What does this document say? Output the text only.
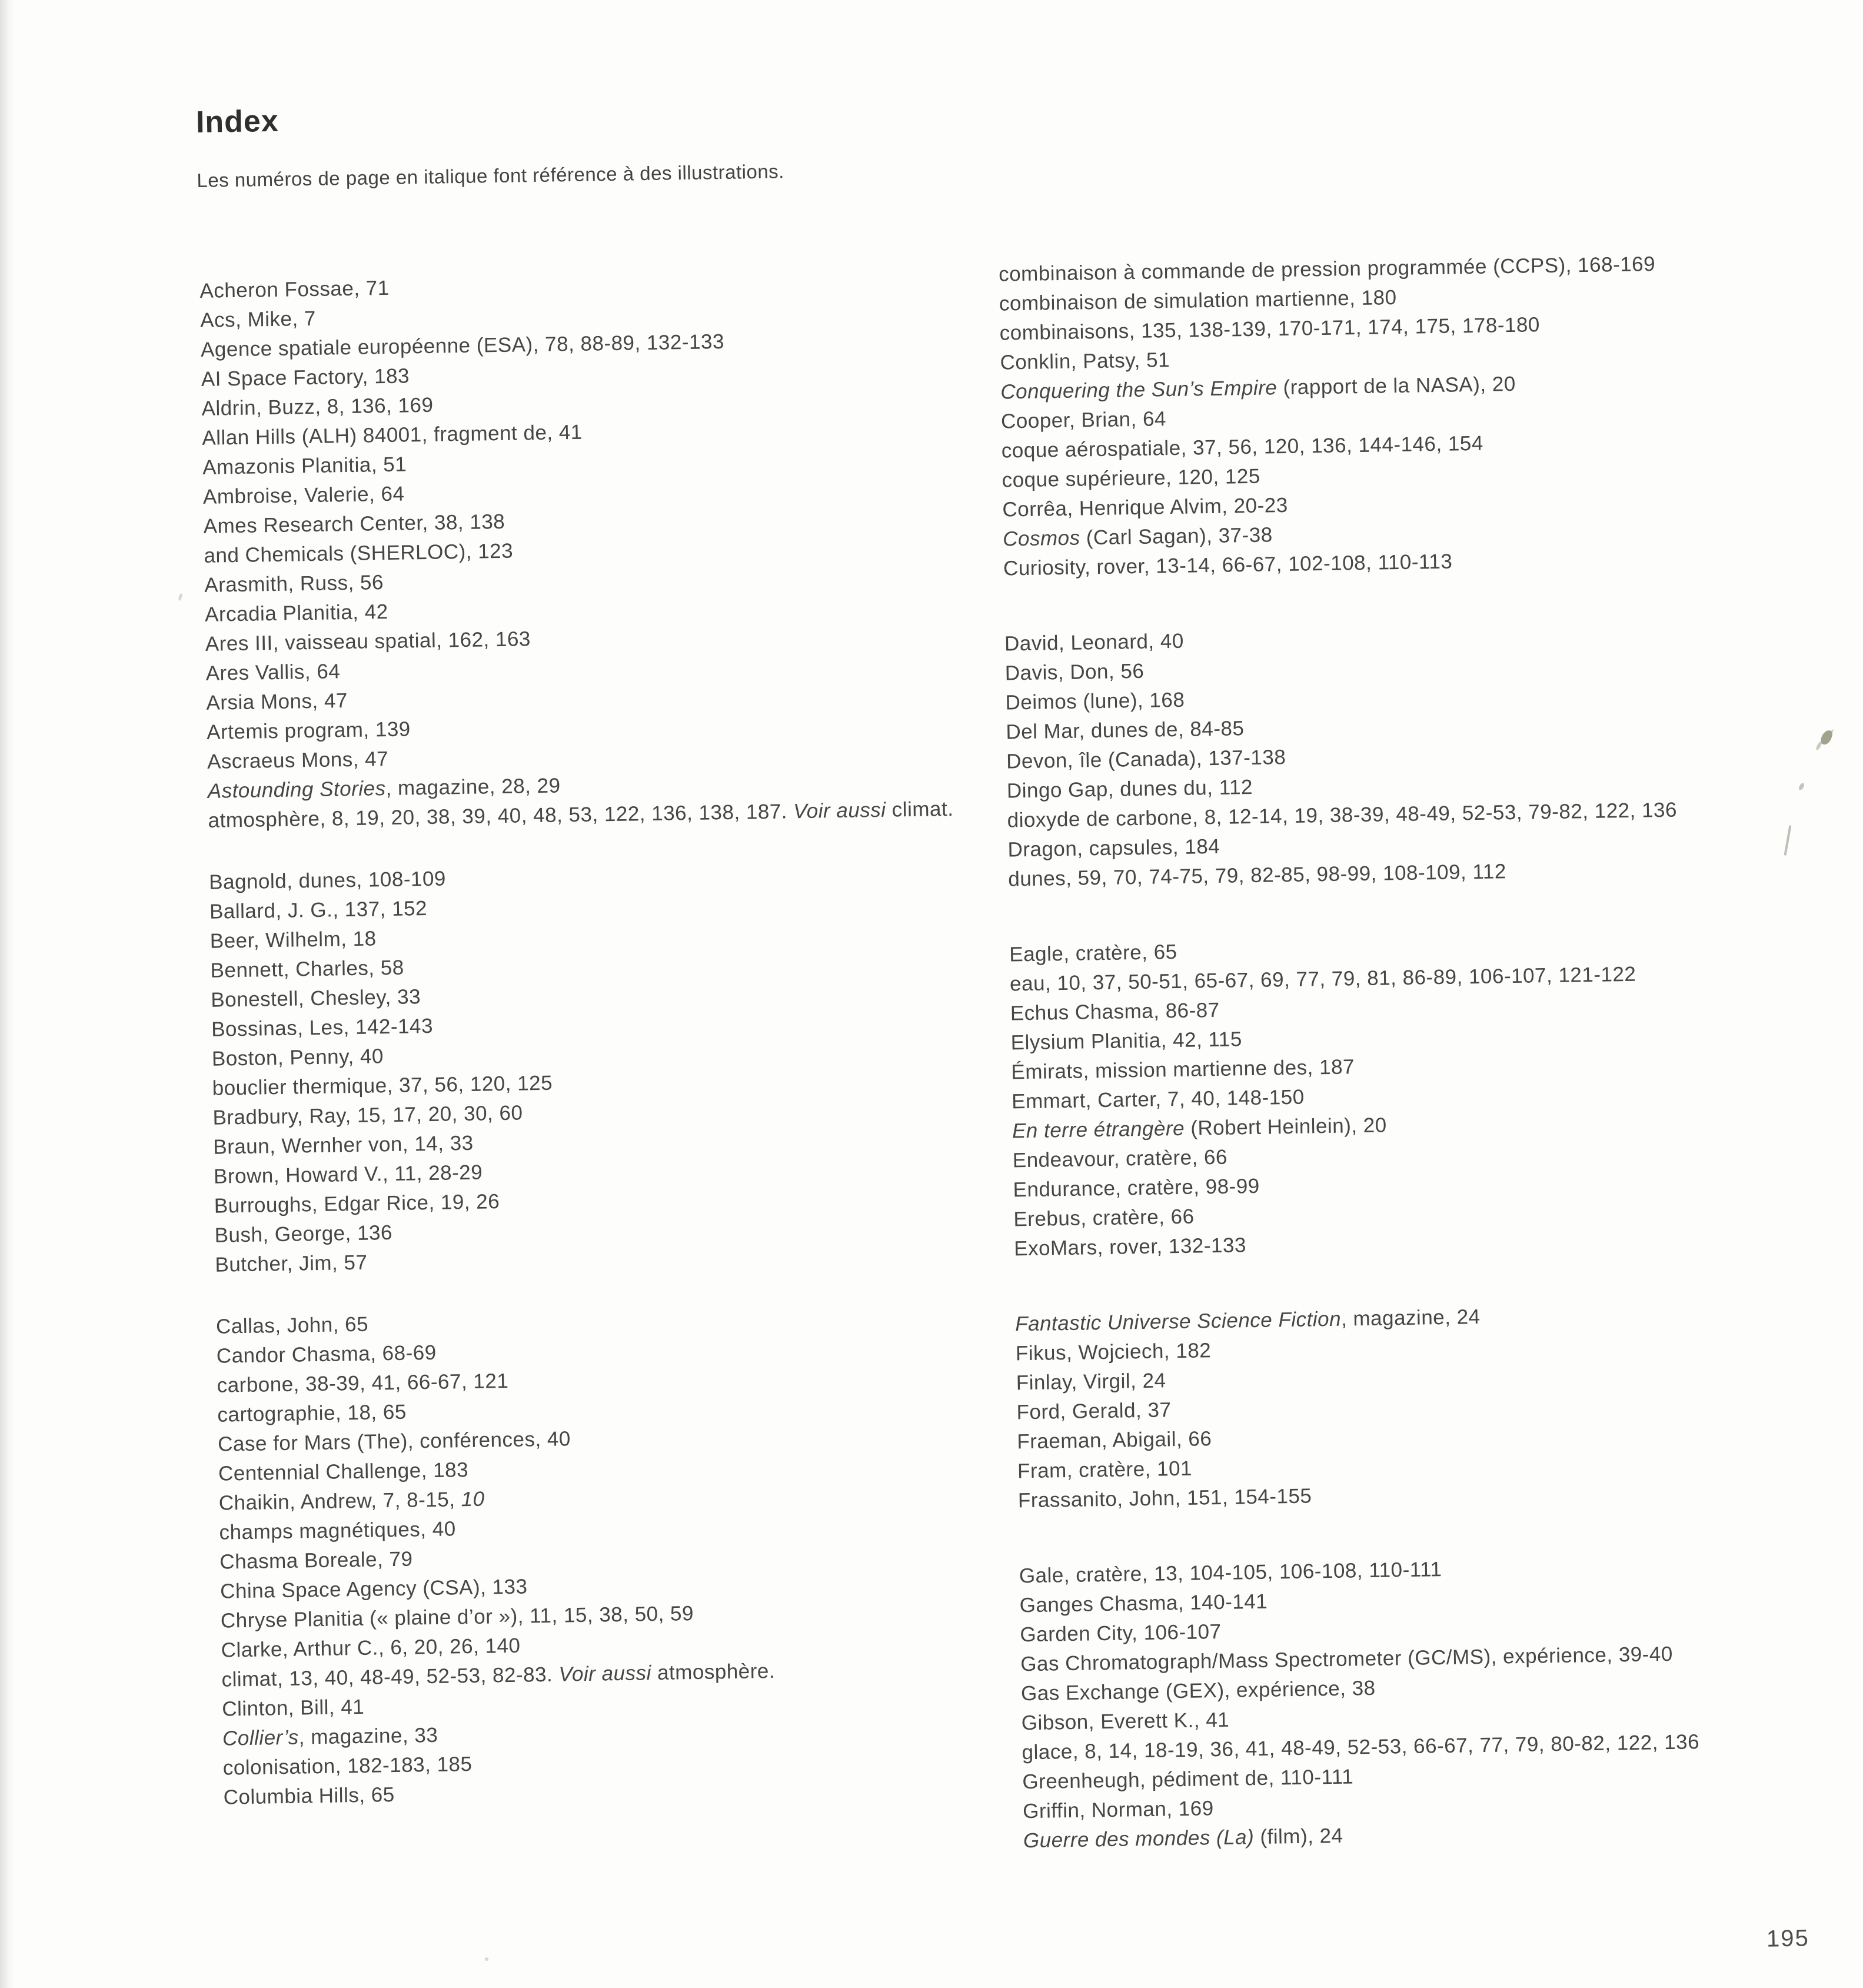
Index

Les numéros de page en italique font référence à des illustrations.

Acheron Fossae, 71
Acs, Mike, 7
Agence spatiale européenne (ESA), 78, 88-89, 132-133
AI Space Factory, 183
Aldrin, Buzz, 8, 136, 169
Allan Hills (ALH) 84001, fragment de, 41
Amazonis Planitia, 51
Ambroise, Valerie, 64
Ames Research Center, 38, 138
and Chemicals (SHERLOC), 123
Arasmith, Russ, 56
Arcadia Planitia, 42
Ares III, vaisseau spatial, 162, 163
Ares Vallis, 64
Arsia Mons, 47
Artemis program, 139
Ascraeus Mons, 47
Astounding Stories, magazine, 28, 29
atmosphère, 8, 19, 20, 38, 39, 40, 48, 53, 122, 136, 138, 187. Voir aussi climat.
Bagnold, dunes, 108-109
Ballard, J. G., 137, 152
Beer, Wilhelm, 18
Bennett, Charles, 58
Bonestell, Chesley, 33
Bossinas, Les, 142-143
Boston, Penny, 40
bouclier thermique, 37, 56, 120, 125
Bradbury, Ray, 15, 17, 20, 30, 60
Braun, Wernher von, 14, 33
Brown, Howard V., 11, 28-29
Burroughs, Edgar Rice, 19, 26
Bush, George, 136
Butcher, Jim, 57
Callas, John, 65
Candor Chasma, 68-69
carbone, 38-39, 41, 66-67, 121
cartographie, 18, 65
Case for Mars (The), conférences, 40
Centennial Challenge, 183
Chaikin, Andrew, 7, 8-15, 10
champs magnétiques, 40
Chasma Boreale, 79
China Space Agency (CSA), 133
Chryse Planitia (« plaine d’or »), 11, 15, 38, 50, 59
Clarke, Arthur C., 6, 20, 26, 140
climat, 13, 40, 48-49, 52-53, 82-83. Voir aussi atmosphère.
Clinton, Bill, 41
Collier’s, magazine, 33
colonisation, 182-183, 185
Columbia Hills, 65
combinaison à commande de pression programmée (CCPS), 168-169
combinaison de simulation martienne, 180
combinaisons, 135, 138-139, 170-171, 174, 175, 178-180
Conklin, Patsy, 51
Conquering the Sun’s Empire (rapport de la NASA), 20
Cooper, Brian, 64
coque aérospatiale, 37, 56, 120, 136, 144-146, 154
coque supérieure, 120, 125
Corrêa, Henrique Alvim, 20-23
Cosmos (Carl Sagan), 37-38
Curiosity, rover, 13-14, 66-67, 102-108, 110-113
David, Leonard, 40
Davis, Don, 56
Deimos (lune), 168
Del Mar, dunes de, 84-85
Devon, île (Canada), 137-138
Dingo Gap, dunes du, 112
dioxyde de carbone, 8, 12-14, 19, 38-39, 48-49, 52-53, 79-82, 122, 136
Dragon, capsules, 184
dunes, 59, 70, 74-75, 79, 82-85, 98-99, 108-109, 112
Eagle, cratère, 65
eau, 10, 37, 50-51, 65-67, 69, 77, 79, 81, 86-89, 106-107, 121-122
Echus Chasma, 86-87
Elysium Planitia, 42, 115
Émirats, mission martienne des, 187
Emmart, Carter, 7, 40, 148-150
En terre étrangère (Robert Heinlein), 20
Endeavour, cratère, 66
Endurance, cratère, 98-99
Erebus, cratère, 66
ExoMars, rover, 132-133
Fantastic Universe Science Fiction, magazine, 24
Fikus, Wojciech, 182
Finlay, Virgil, 24
Ford, Gerald, 37
Fraeman, Abigail, 66
Fram, cratère, 101
Frassanito, John, 151, 154-155
Gale, cratère, 13, 104-105, 106-108, 110-111
Ganges Chasma, 140-141
Garden City, 106-107
Gas Chromatograph/Mass Spectrometer (GC/MS), expérience, 39-40
Gas Exchange (GEX), expérience, 38
Gibson, Everett K., 41
glace, 8, 14, 18-19, 36, 41, 48-49, 52-53, 66-67, 77, 79, 80-82, 122, 136
Greenheugh, pédiment de, 110-111
Griffin, Norman, 169
Guerre des mondes (La) (film), 24
195
